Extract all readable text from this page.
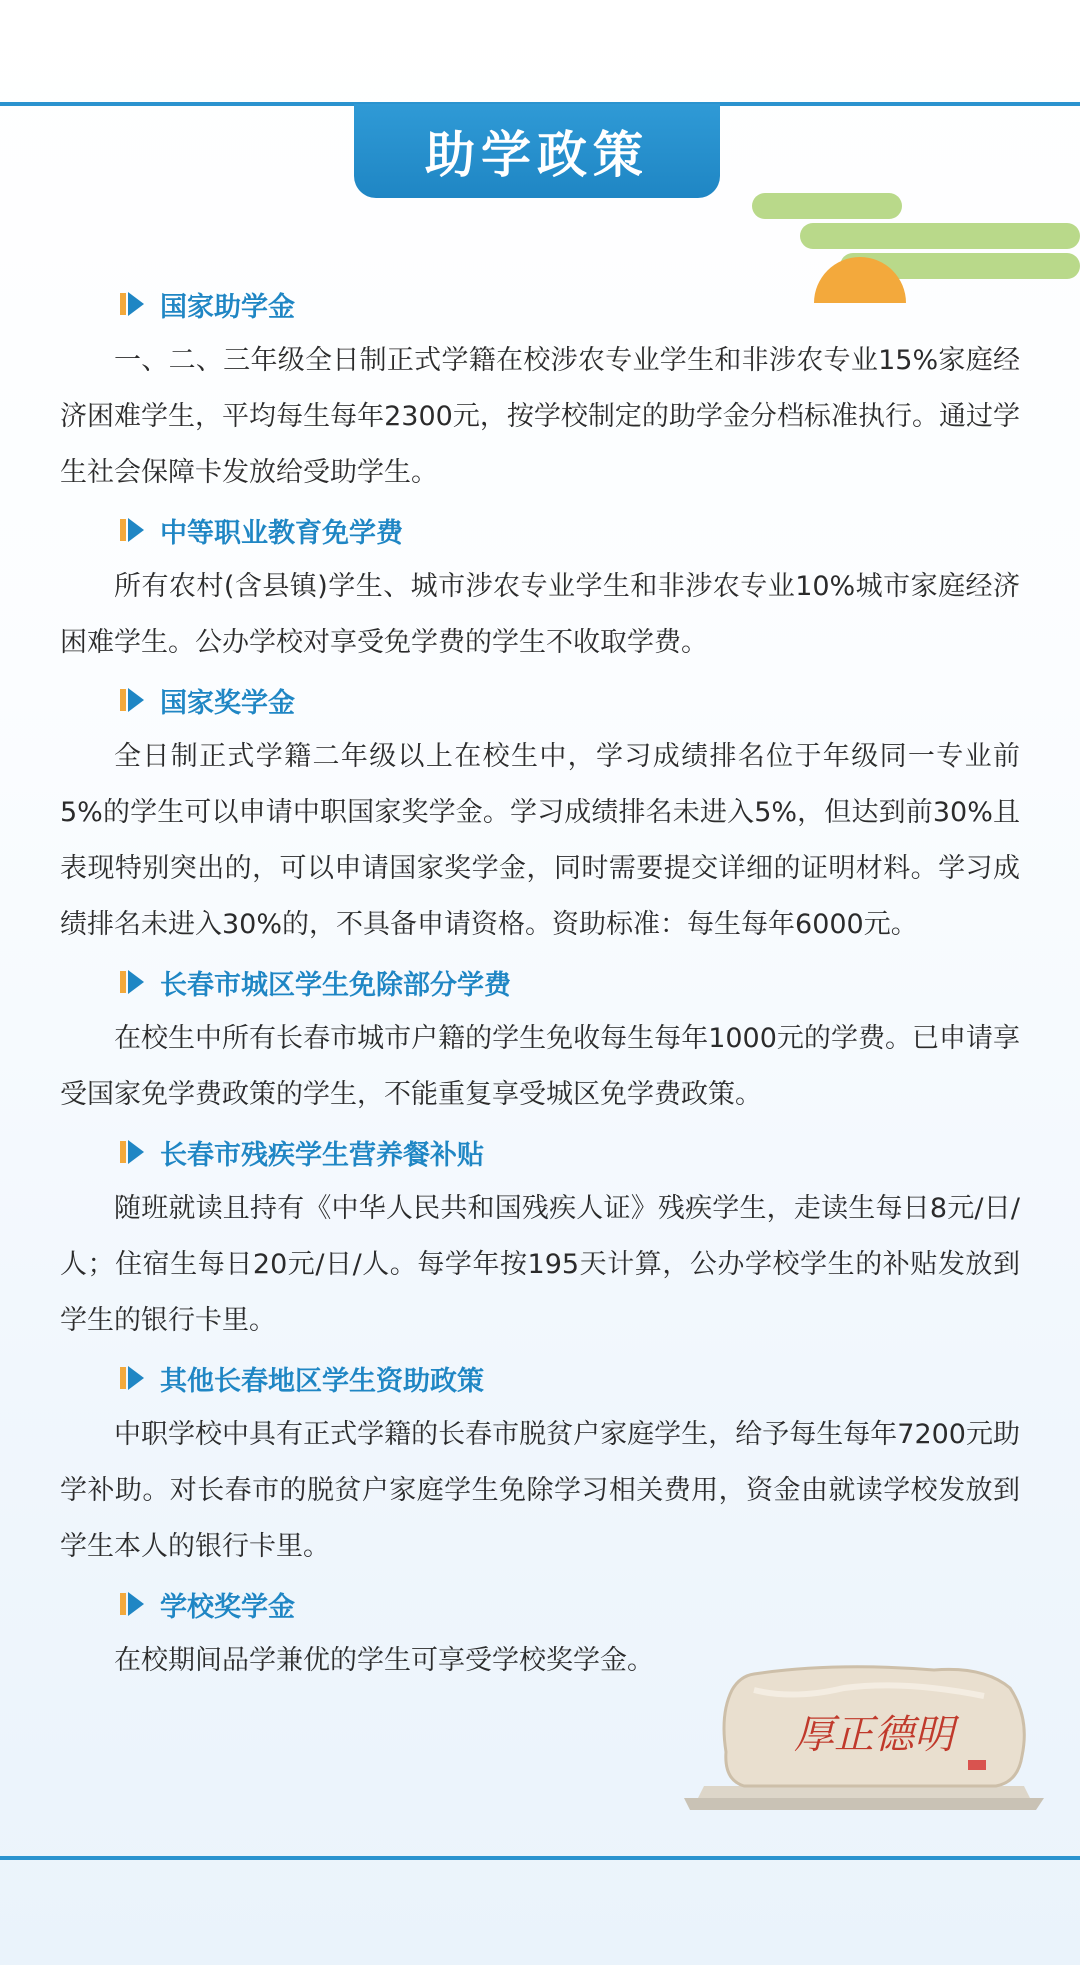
助学政策
国家助学金

一、二、三年级全日制正式学籍在校涉农专业学生和非涉农专业15%家庭经济困难学生，平均每生每年2300元，按学校制定的助学金分档标准执行。通过学生社会保障卡发放给受助学生。

中等职业教育免学费

所有农村(含县镇)学生、城市涉农专业学生和非涉农专业10%城市家庭经济困难学生。公办学校对享受免学费的学生不收取学费。

国家奖学金

全日制正式学籍二年级以上在校生中，学习成绩排名位于年级同一专业前5%的学生可以申请中职国家奖学金。学习成绩排名未进入5%，但达到前30%且表现特别突出的，可以申请国家奖学金，同时需要提交详细的证明材料。学习成绩排名未进入30%的，不具备申请资格。资助标准：每生每年6000元。

长春市城区学生免除部分学费

在校生中所有长春市城市户籍的学生免收每生每年1000元的学费。已申请享受国家免学费政策的学生，不能重复享受城区免学费政策。

长春市残疾学生营养餐补贴

随班就读且持有《中华人民共和国残疾人证》残疾学生，走读生每日8元/日/人；住宿生每日20元/日/人。每学年按195天计算，公办学校学生的补贴发放到学生的银行卡里。

其他长春地区学生资助政策

中职学校中具有正式学籍的长春市脱贫户家庭学生，给予每生每年7200元助学补助。对长春市的脱贫户家庭学生免除学习相关费用，资金由就读学校发放到学生本人的银行卡里。

学校奖学金

在校期间品学兼优的学生可享受学校奖学金。

厚正德明
